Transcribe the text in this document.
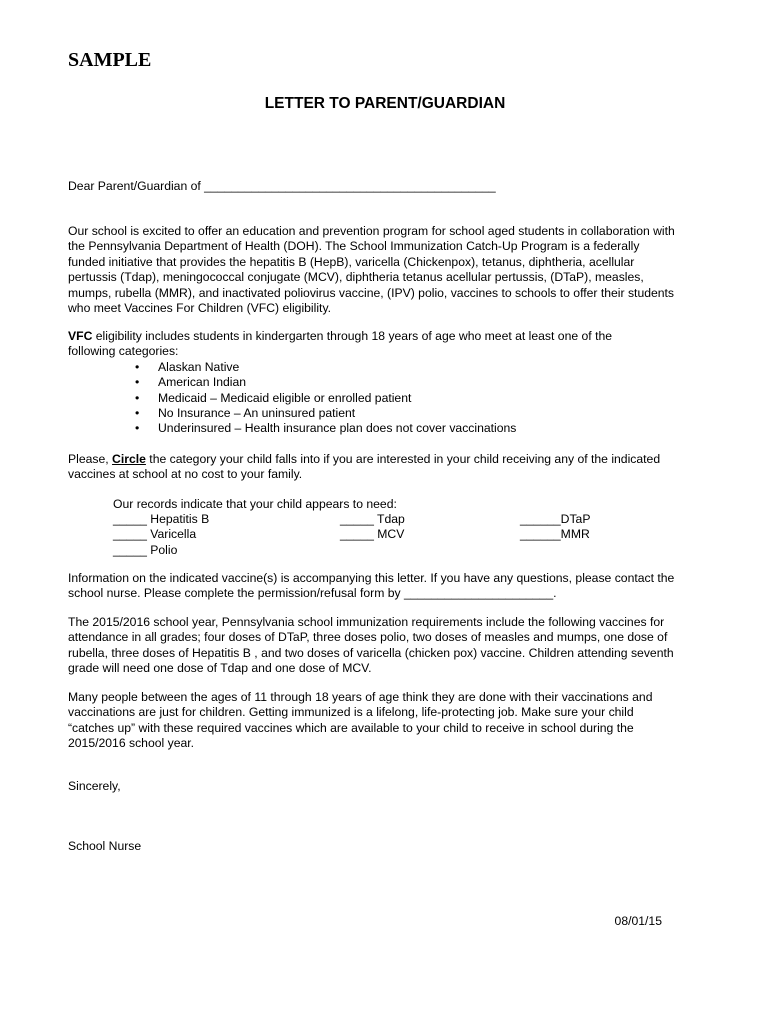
SAMPLE
LETTER TO PARENT/GUARDIAN
Dear Parent/Guardian of ___________________________________________
Our school is excited to offer an education and prevention program for school aged students in collaboration with
the Pennsylvania Department of Health (DOH). The School Immunization Catch-Up Program is a federally
funded initiative that provides the hepatitis B (HepB), varicella (Chickenpox), tetanus, diphtheria, acellular
pertussis (Tdap), meningococcal conjugate (MCV), diphtheria tetanus acellular pertussis, (DTaP), measles,
mumps, rubella (MMR), and inactivated poliovirus vaccine, (IPV) polio, vaccines to schools to offer their students
who meet Vaccines For Children (VFC) eligibility.
VFC eligibility includes students in kindergarten through 18 years of age who meet at least one of the
following categories:
• Alaskan Native
• American Indian
• Medicaid – Medicaid eligible or enrolled patient
• No Insurance – An uninsured patient
• Underinsured – Health insurance plan does not cover vaccinations
Please, Circle the category your child falls into if you are interested in your child receiving any of the indicated
vaccines at school at no cost to your family.
Our records indicate that your child appears to need:
_____ Hepatitis B	_____ Tdap	______DTaP
_____ Varicella	_____ MCV	______MMR
_____ Polio
Information on the indicated vaccine(s) is accompanying this letter. If you have any questions, please contact the
school nurse. Please complete the permission/refusal form by ______________________.
The 2015/2016 school year, Pennsylvania school immunization requirements include the following vaccines for
attendance in all grades; four doses of DTaP, three doses polio, two doses of measles and mumps, one dose of
rubella, three doses of Hepatitis B , and two doses of varicella (chicken pox) vaccine. Children attending seventh
grade will need one dose of Tdap and one dose of MCV.
Many people between the ages of 11 through 18 years of age think they are done with their vaccinations and
vaccinations are just for children. Getting immunized is a lifelong, life-protecting job. Make sure your child
“catches up” with these required vaccines which are available to your child to receive in school during the
2015/2016 school year.
Sincerely,
School Nurse
08/01/15
